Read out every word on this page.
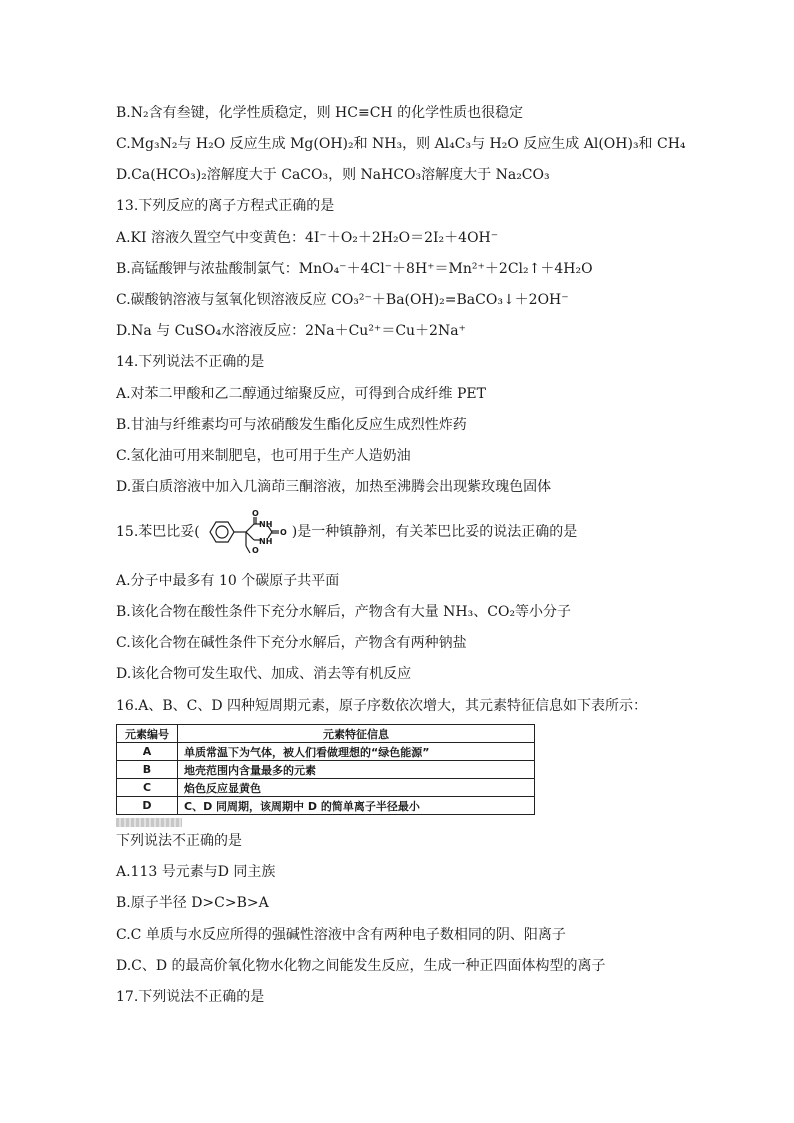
B.N₂含有叁键，化学性质稳定，则 HC≡CH 的化学性质也很稳定
C.Mg₃N₂与 H₂O 反应生成 Mg(OH)₂和 NH₃，则 Al₄C₃与 H₂O 反应生成 Al(OH)₃和 CH₄
D.Ca(HCO₃)₂溶解度大于 CaCO₃，则 NaHCO₃溶解度大于 Na₂CO₃
13.下列反应的离子方程式正确的是
A.KI 溶液久置空气中变黄色：4I⁻＋O₂＋2H₂O＝2I₂＋4OH⁻
B.高锰酸钾与浓盐酸制氯气：MnO₄⁻＋4Cl⁻＋8H⁺＝Mn²⁺＋2Cl₂↑＋4H₂O
C.碳酸钠溶液与氢氧化钡溶液反应 CO₃²⁻＋Ba(OH)₂=BaCO₃↓＋2OH⁻
D.Na 与 CuSO₄水溶液反应：2Na＋Cu²⁺＝Cu＋2Na⁺
14.下列说法不正确的是
A.对苯二甲酸和乙二醇通过缩聚反应，可得到合成纤维 PET
B.甘油与纤维素均可与浓硝酸发生酯化反应生成烈性炸药
C.氢化油可用来制肥皂，也可用于生产人造奶油
D.蛋白质溶液中加入几滴茚三酮溶液，加热至沸腾会出现紫玫瑰色固体
15.苯巴比妥(
O
NH
NH
O
O
)是一种镇静剂，有关苯巴比妥的说法正确的是
A.分子中最多有 10 个碳原子共平面
B.该化合物在酸性条件下充分水解后，产物含有大量 NH₃、CO₂等小分子
C.该化合物在碱性条件下充分水解后，产物含有两种钠盐
D.该化合物可发生取代、加成、消去等有机反应
16.A、B、C、D 四种短周期元素，原子序数依次增大，其元素特征信息如下表所示：
元素编号	元素特征信息
A	单质常温下为气体，被人们看做理想的“绿色能源”
B	地壳范围内含量最多的元素
C	焰色反应显黄色
D	C、D 同周期，该周期中 D 的简单离子半径最小
下列说法不正确的是
A.113 号元素与D 同主族
B.原子半径 D>C>B>A
C.C 单质与水反应所得的强碱性溶液中含有两种电子数相同的阴、阳离子
D.C、D 的最高价氧化物水化物之间能发生反应，生成一种正四面体构型的离子
17.下列说法不正确的是
